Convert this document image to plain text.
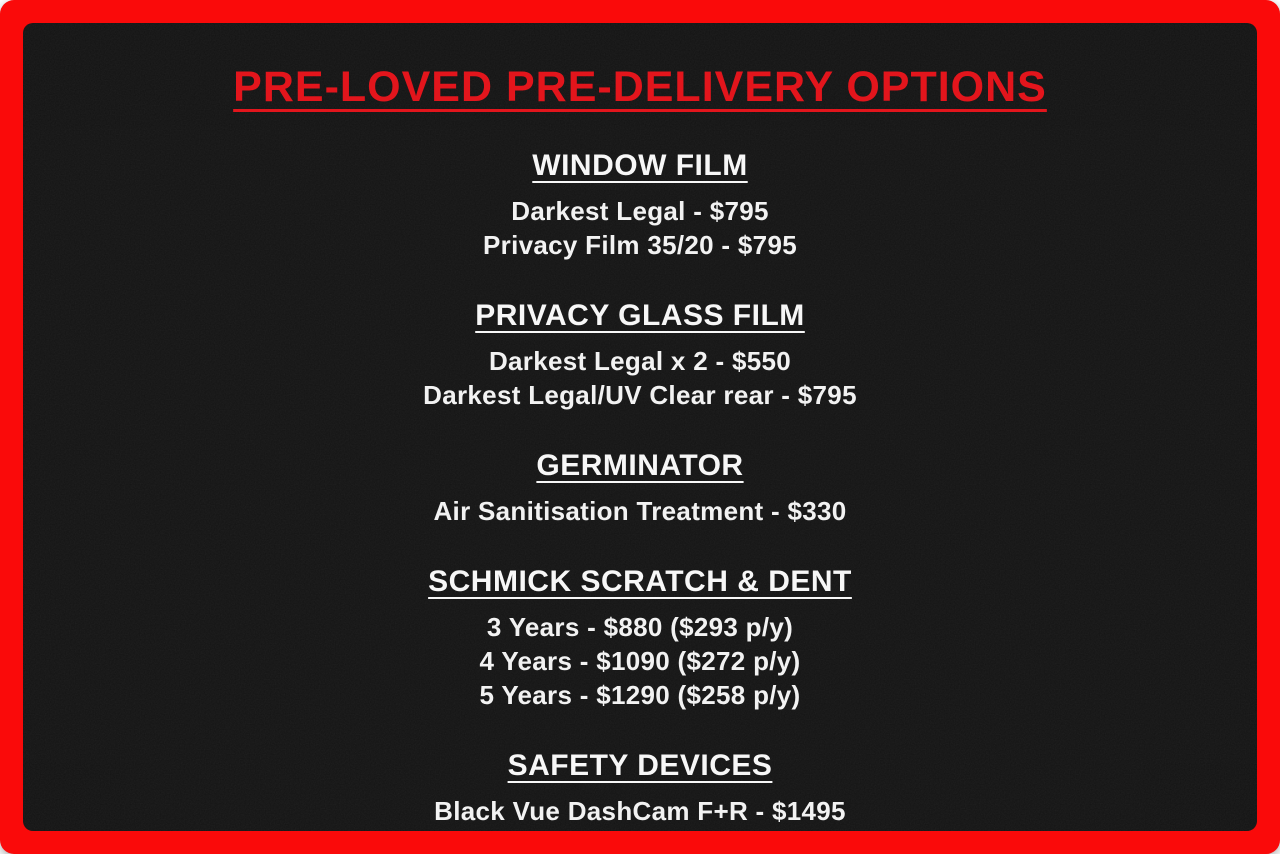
PRE-LOVED PRE-DELIVERY OPTIONS
WINDOW FILM

Darkest Legal - $795

Privacy Film 35/20 - $795

PRIVACY GLASS FILM

Darkest Legal x 2 - $550

Darkest Legal/UV Clear rear - $795

GERMINATOR

Air Sanitisation Treatment - $330

SCHMICK SCRATCH & DENT

3 Years - $880 ($293 p/y)

4 Years - $1090 ($272 p/y)

5 Years - $1290 ($258 p/y)

SAFETY DEVICES

Black Vue DashCam F+R - $1495
